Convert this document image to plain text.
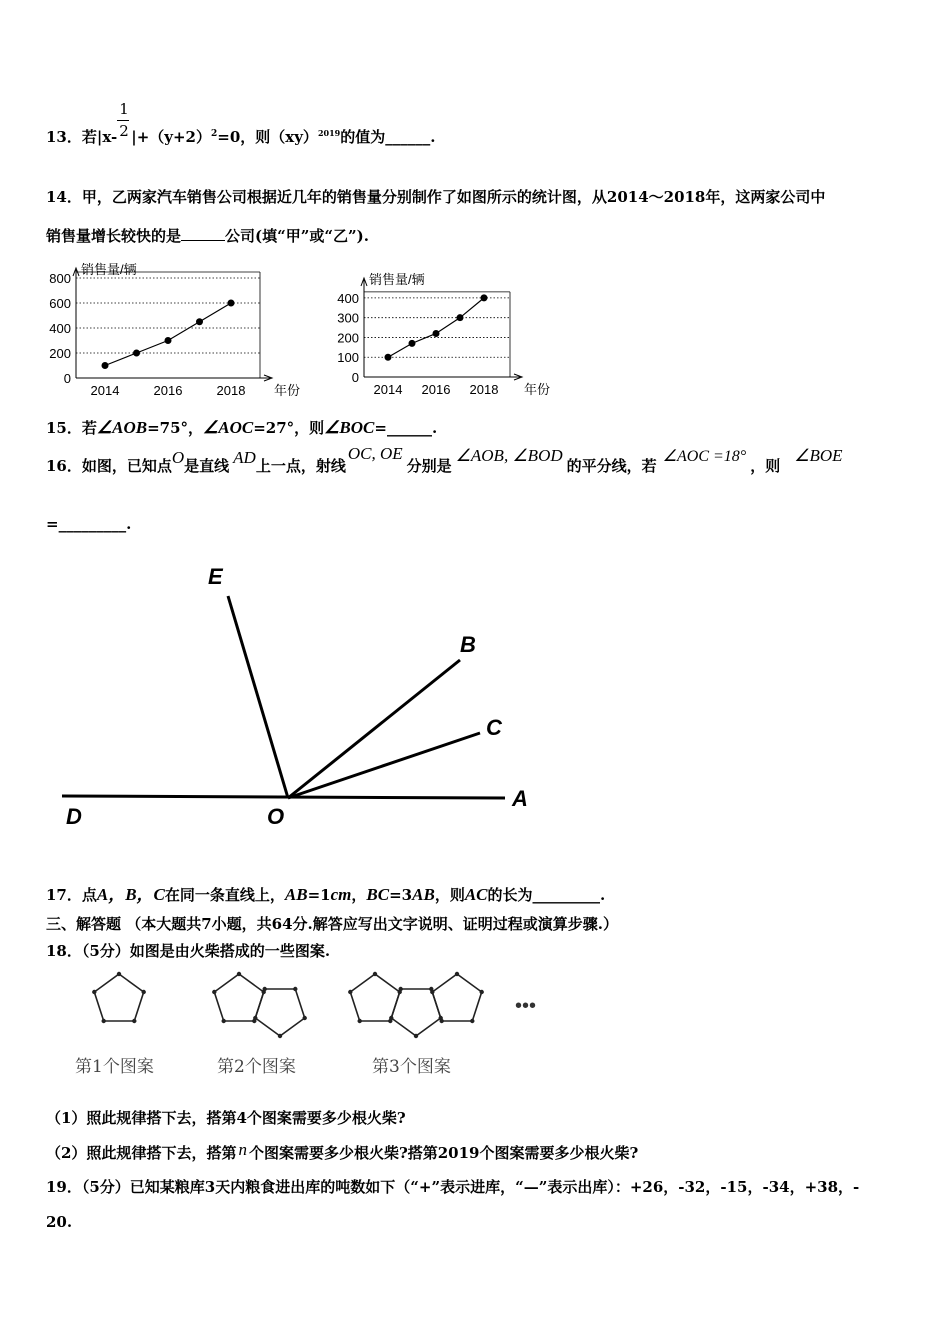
13．若$|x- \frac{1}{2} |+(y+2)^2=0$，则（xy）$^{2019}$的值为______.
14．甲，乙两家汽车销售公司根据近几年的销售量分别制作了如图所示的统计图，从2014～2018年，这两家公司中
销售量增长较快的是	公司(填“甲”或“乙”).
800
600
400
200
0
2014	2016	2018
销售量/辆
年份
400
300
200
100
0
2014 2016 2018
销售量/辆
年份
15．若∠AOB=75°，∠AOC=27°，则∠BOC=______.
16．如图，已知点O是直线 AD上一点，射线OC, OE分别是∠AOB, ∠BOD的平分线，若∠AOC =18°，则∠BOE
=_________.
E
B
C
A
D	O
17．点A，B，C在同一条直线上，AB=1cm，BC=3AB，则AC的长为_________.
三、解答题 （本大题共7小题，共64分.解答应写出文字说明、证明过程或演算步骤.）
18．（5分）如图是由火柴搭成的一些图案.
第1个图案	第2个图案	第3个图案
•••
（1）照此规律搭下去，搭第4个图案需要多少根火柴?
（2）照此规律搭下去，搭第 n 个图案需要多少根火柴?搭第2019个图案需要多少根火柴?
19．（5分）已知某粮库3天内粮食进出库的吨数如下（“+”表示进库，“—”表示出库）：+26，-32，-15，-34，+38，-
20.
